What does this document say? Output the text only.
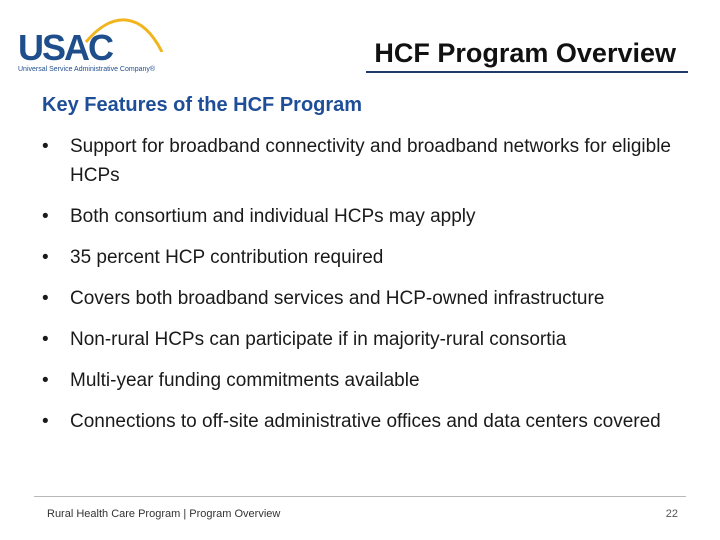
USAC
Universal Service Administrative Company®
HCF Program Overview
Key Features of the HCF Program
• Support for broadband connectivity and broadband networks for eligible HCPs
• Both consortium and individual HCPs may apply
• 35 percent HCP contribution required
• Covers both broadband services and HCP-owned infrastructure
• Non-rural HCPs can participate if in majority-rural consortia
• Multi-year funding commitments available
• Connections to off-site administrative offices and data centers covered
Rural Health Care Program | Program Overview	22
